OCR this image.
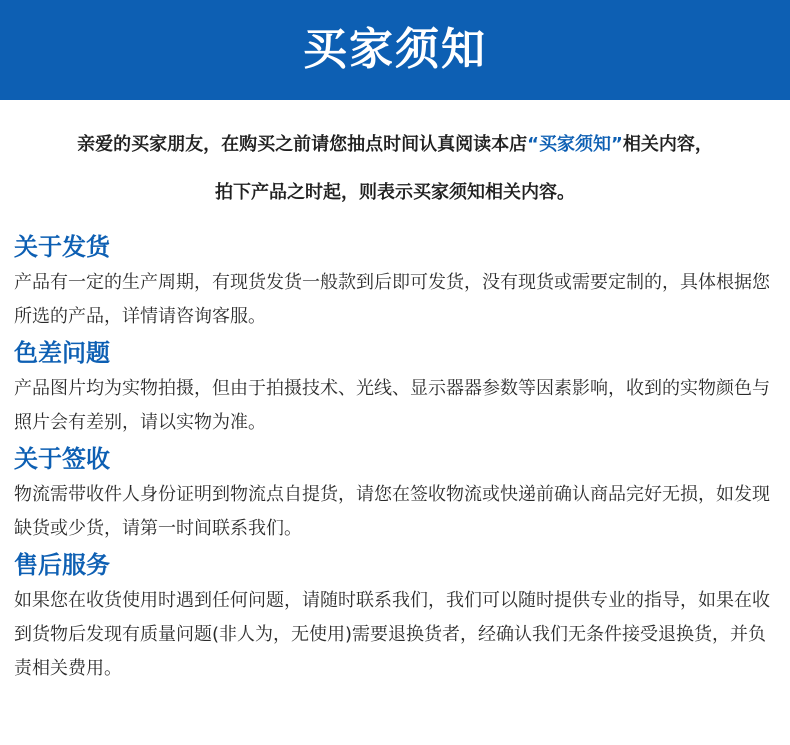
买家须知
亲爱的买家朋友，在购买之前请您抽点时间认真阅读本店“买家须知”相关内容，
拍下产品之时起，则表示买家须知相关内容。
关于发货

产品有一定的生产周期，有现货发货一般款到后即可发货，没有现货或需要定制的，具体根据您所选的产品，详情请咨询客服。

色差问题

产品图片均为实物拍摄，但由于拍摄技术、光线、显示器器参数等因素影响，收到的实物颜色与照片会有差别，请以实物为准。

关于签收

物流需带收件人身份证明到物流点自提货，请您在签收物流或快递前确认商品完好无损，如发现缺货或少货，请第一时间联系我们。

售后服务

如果您在收货使用时遇到任何问题，请随时联系我们，我们可以随时提供专业的指导，如果在收到货物后发现有质量问题(非人为，无使用)需要退换货者，经确认我们无条件接受退换货，并负责相关费用。
